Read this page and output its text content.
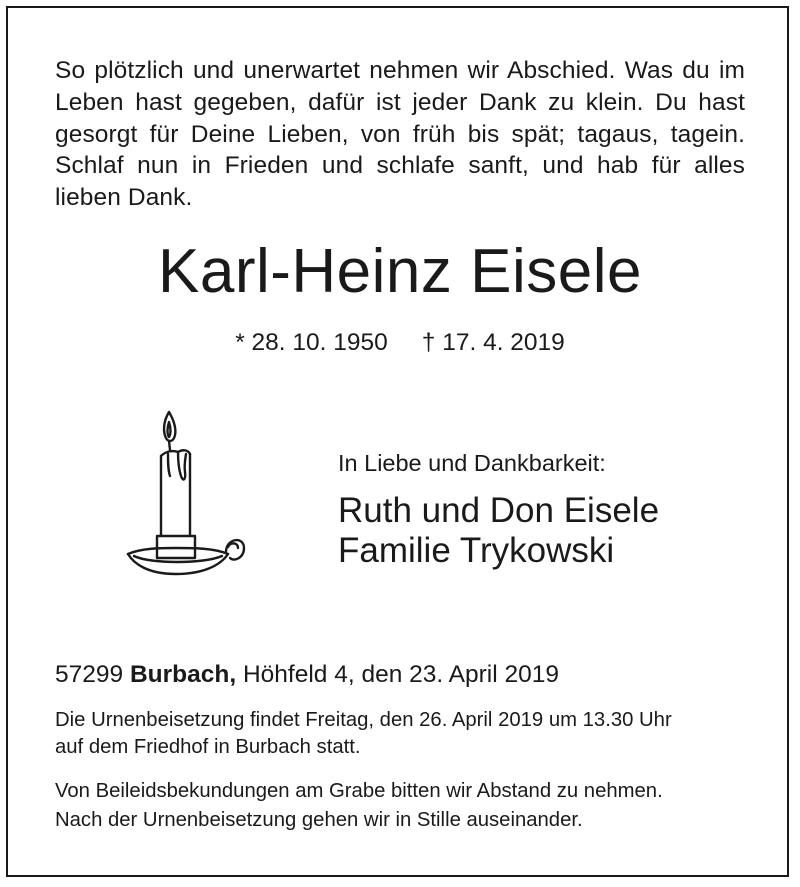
So plötzlich und unerwartet nehmen wir Abschied. Was du im Leben hast gegeben, dafür ist jeder Dank zu klein. Du hast gesorgt für Deine Lieben, von früh bis spät; tagaus, tagein. Schlaf nun in Frieden und schlafe sanft, und hab für alles lieben Dank.
Karl-Heinz Eisele
* 28. 10. 1950 † 17. 4. 2019
In Liebe und Dankbarkeit:
Ruth und Don Eisele
Familie Trykowski
57299 Burbach, Höhfeld 4, den 23. April 2019
Die Urnenbeisetzung findet Freitag, den 26. April 2019 um 13.30 Uhr
auf dem Friedhof in Burbach statt.
Von Beileidsbekundungen am Grabe bitten wir Abstand zu nehmen.
Nach der Urnenbeisetzung gehen wir in Stille auseinander.
